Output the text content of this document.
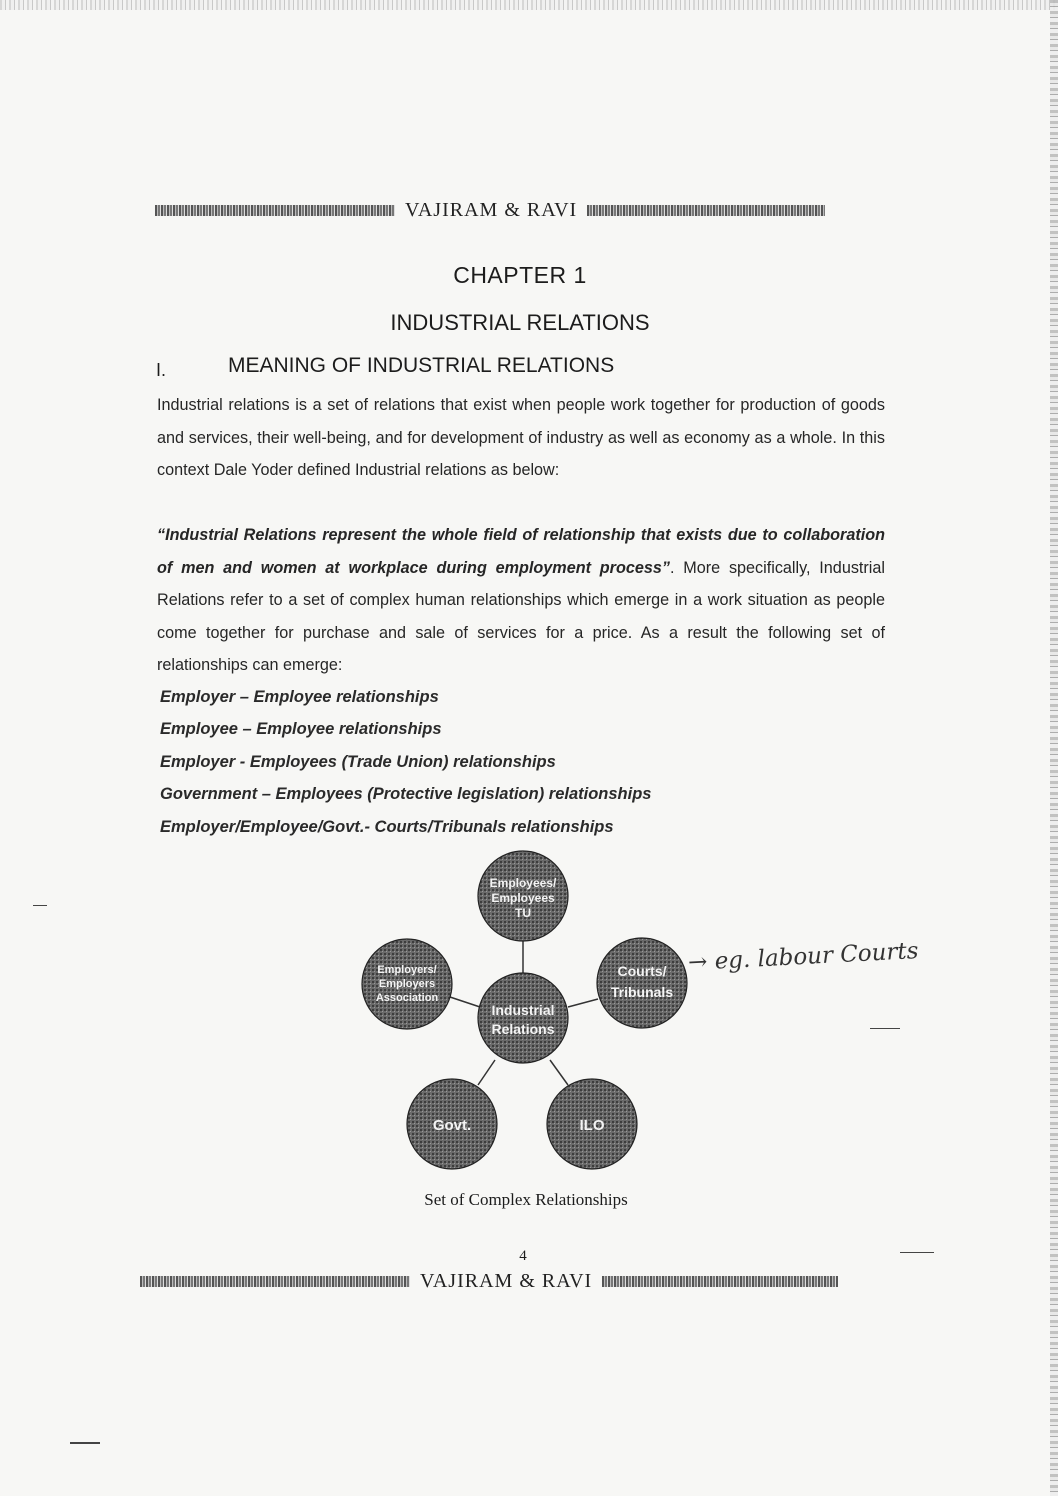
VAJIRAM & RAVI
CHAPTER 1
INDUSTRIAL RELATIONS
I.	MEANING OF INDUSTRIAL RELATIONS
Industrial relations is a set of relations that exist when people work together for production of goods and services, their well-being, and for development of industry as well as economy as a whole. In this context Dale Yoder defined Industrial relations as below:
“Industrial Relations represent the whole field of relationship that exists due to collaboration of men and women at workplace during employment process”. More specifically, Industrial Relations refer to a set of complex human relationships which emerge in a work situation as people come together for purchase and sale of services for a price. As a result the following set of relationships can emerge:
Employer – Employee relationships
Employee – Employee relationships
Employer - Employees (Trade Union) relationships
Government – Employees (Protective legislation) relationships
Employer/Employee/Govt.- Courts/Tribunals relationships
Employees/
Employees
TU
Employers/
Employers
Association
Courts/
Tribunals
Industrial
Relations
Govt.	ILO
→ eg. labour Courts
Set of Complex Relationships
4
VAJIRAM & RAVI
